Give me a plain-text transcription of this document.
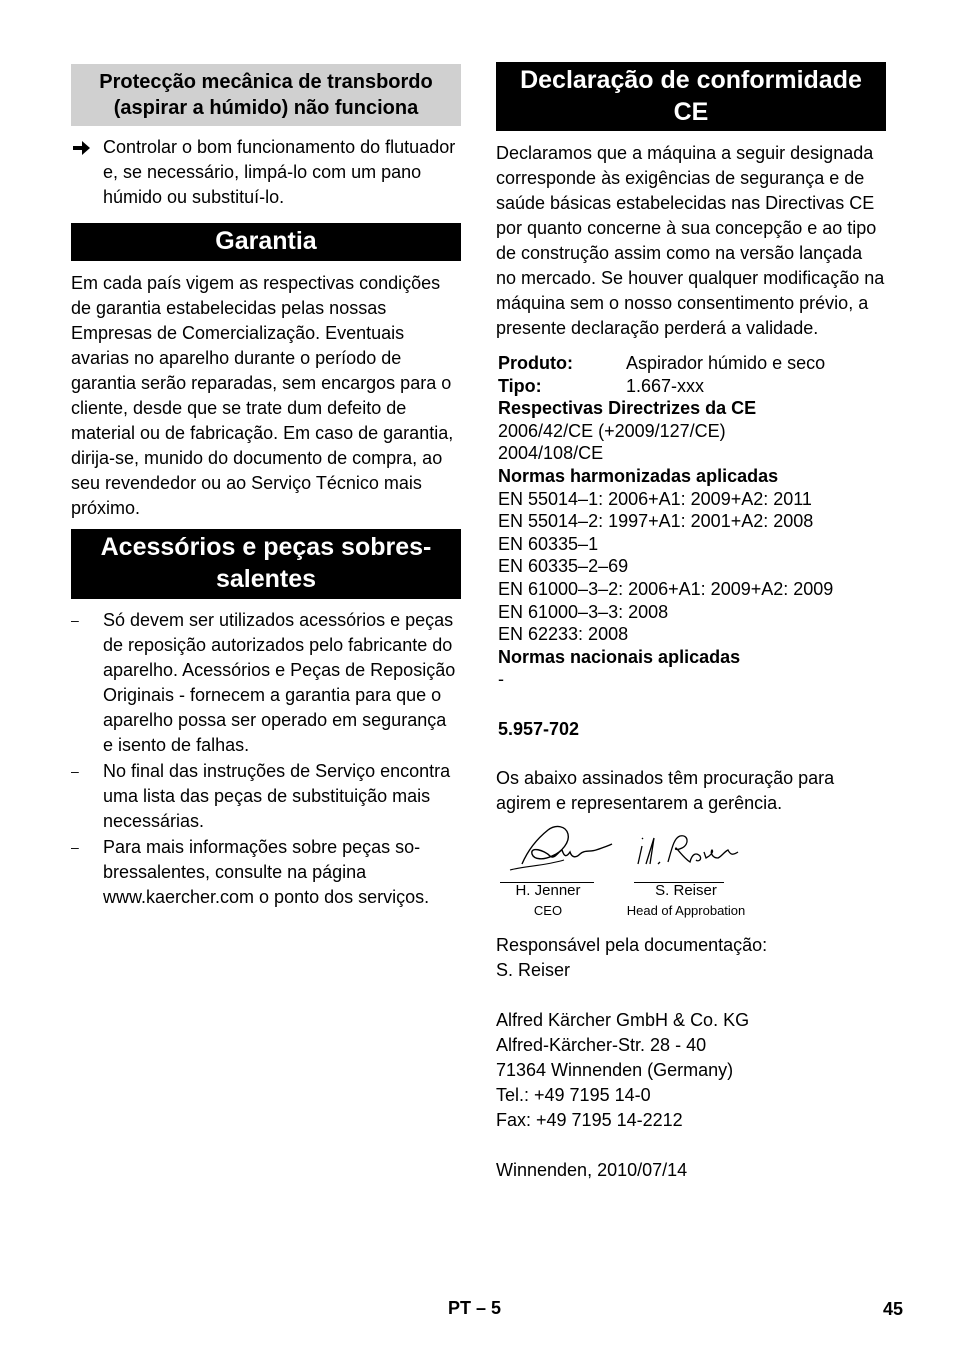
Protecção mecânica de transbordo (aspirar a húmido) não funciona
Controlar o bom funcionamento do flutuador e, se necessário, limpá-lo com um pano húmido ou substituí-lo.
Garantia

Em cada país vigem as respectivas condições de garantia estabelecidas pelas nossas Empresas de Comercialização. Eventuais avarias no aparelho durante o período de garantia serão reparadas, sem encargos para o cliente, desde que se trate dum defeito de material ou de fabricação. Em caso de garantia, dirija-se, munido do documento de compra, ao seu revendedor ou ao Serviço Técnico mais próximo.

Acessórios e peças sobressalentes
– Só devem ser utilizados acessórios e peças de reposição autorizados pelo fabricante do aparelho. Acessórios e Peças de Reposição Originais - fornecem a garantia para que o aparelho possa ser operado em segurança e isento de falhas.
– No final das instruções de Serviço encontra uma lista das peças de substituição mais necessárias.
– Para mais informações sobre peças sobressalentes, consulte na página www.kaercher.com o ponto dos serviços.
Declaração de conformidade CE

Declaramos que a máquina a seguir designada corresponde às exigências de segurança e de saúde básicas estabelecidas nas Directivas CE por quanto concerne à sua concepção e ao tipo de construção assim como na versão lançada no mercado. Se houver qualquer modificação na máquina sem o nosso consentimento prévio, a presente declaração perderá a validade.

Produto:	Aspirador húmido e seco
Tipo:	1.667-xxx
Respectivas Directrizes da CE
2006/42/CE (+2009/127/CE)
2004/108/CE
Normas harmonizadas aplicadas
EN 55014–1: 2006+A1: 2009+A2: 2011
EN 55014–2: 1997+A1: 2001+A2: 2008
EN 60335–1
EN 60335–2–69
EN 61000–3–2: 2006+A1: 2009+A2: 2009
EN 61000–3–3: 2008
EN 62233: 2008
Normas nacionais aplicadas
-
5.957-702

Os abaixo assinados têm procuração para agirem e representarem a gerência.

H. Jenner
CEO
S. Reiser
Head of Approbation
Responsável pela documentação:
S. Reiser
Alfred Kärcher GmbH & Co. KG
Alfred-Kärcher-Str. 28 - 40
71364 Winnenden (Germany)
Tel.: +49 7195 14-0
Fax: +49 7195 14-2212
Winnenden, 2010/07/14
PT – 5	45
